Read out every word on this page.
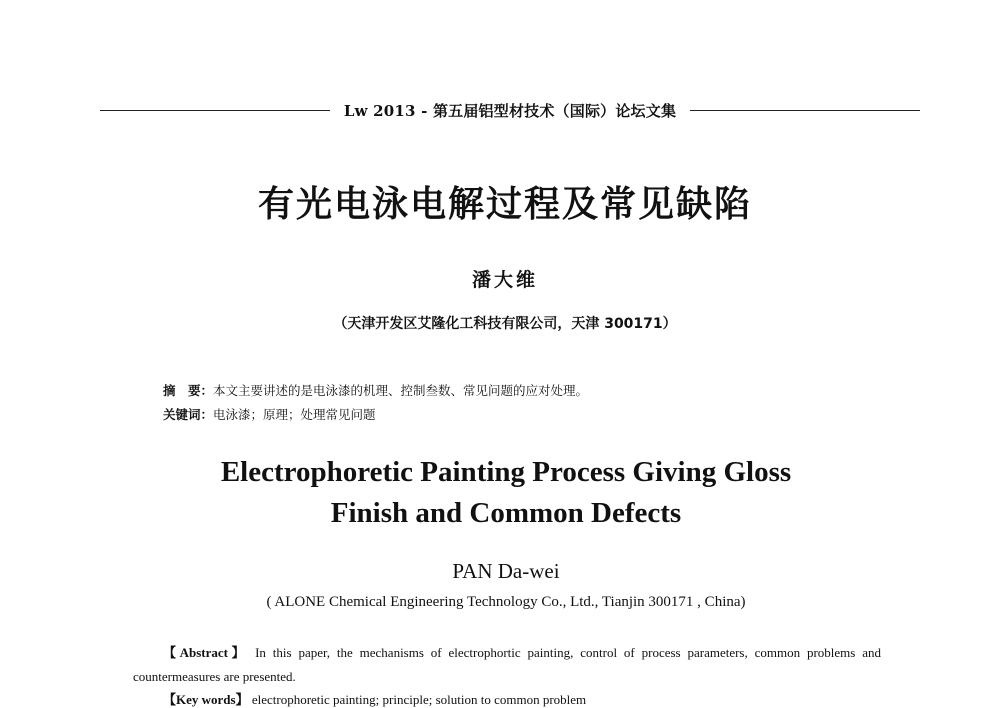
Lw 2013 - 第五届铝型材技术（国际）论坛文集
有光电泳电解过程及常见缺陷
潘大维
（天津开发区艾隆化工科技有限公司，天津 300171）
摘　要：本文主要讲述的是电泳漆的机理、控制叁数、常见问题的应对处理。
关键词：电泳漆；原理；处理常见问题
Electrophoretic Painting Process Giving Gloss
Finish and Common Defects
PAN Da-wei
( ALONE Chemical Engineering Technology Co., Ltd., Tianjin 300171 , China)
【Abstract】 In this paper, the mechanisms of electrophortic painting, control of process parameters, common problems and countermeasures are presented.
【Key words】 electrophoretic painting; principle; solution to common problem
